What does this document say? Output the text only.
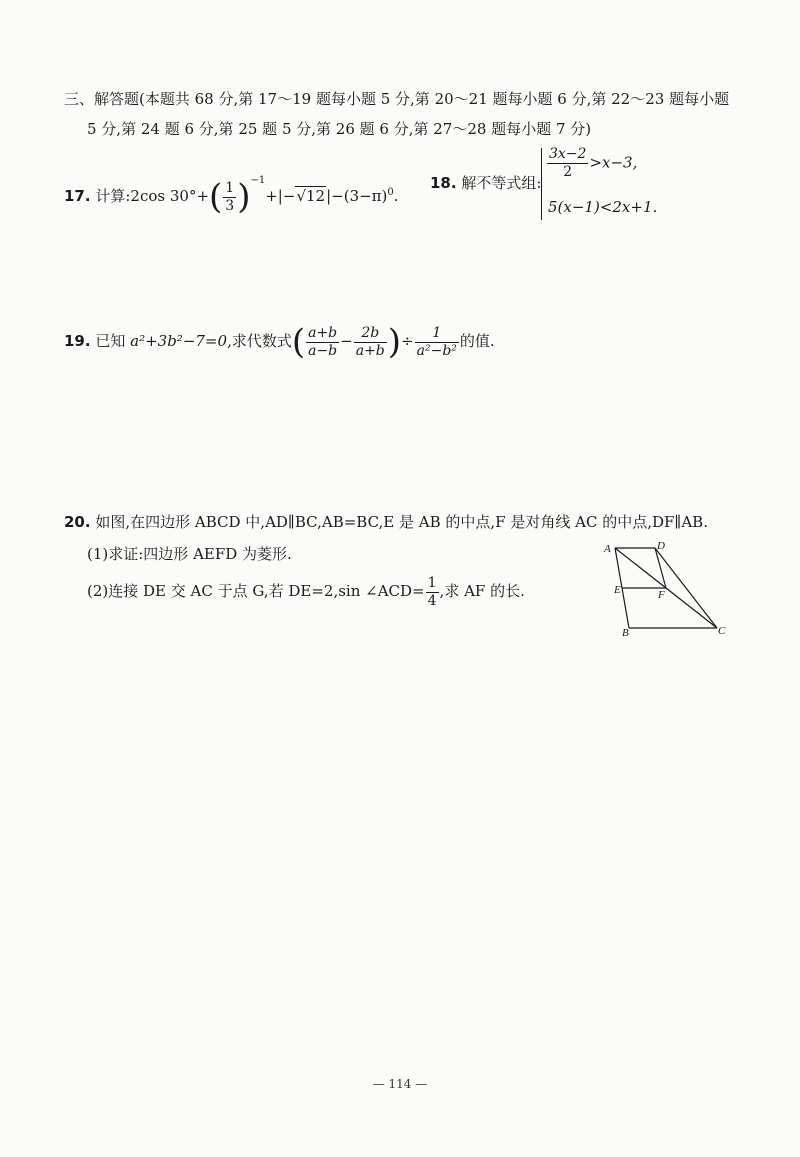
三、解答题(本题共 68 分,第 17～19 题每小题 5 分,第 20～21 题每小题 6 分,第 22～23 题每小题
5 分,第 24 题 6 分,第 25 题 5 分,第 26 题 6 分,第 27～28 题每小题 7 分)
17. 计算:2cos $30^\circ+( \frac{1}{3} )^{-1}+|-√12|-(3-\pi)^0$.
18. 解不等式组:
$\frac{3x-2}{2} >x-3$,
5(x−1)<2x+1.
19. 已知 a²+3b²−7=0,求代数式( $\frac{a+b}{a-b} - \frac{2b}{a+b}$ )÷ $\frac{1}{\text{a²−b²}}$ 的值.
20. 如图,在四边形 ABCD 中,AD∥BC,AB=BC,E 是 AB 的中点,F 是对角线 AC 的中点,DF∥AB.
(1)求证:四边形 AEFD 为菱形.
(2)连接 DE 交 AC 于点 G,若 DE=2,sin ∠ACD= $\frac{1}{4}$ ,求 AF 的长.
A	D
E	F
B	C
— 114 —
